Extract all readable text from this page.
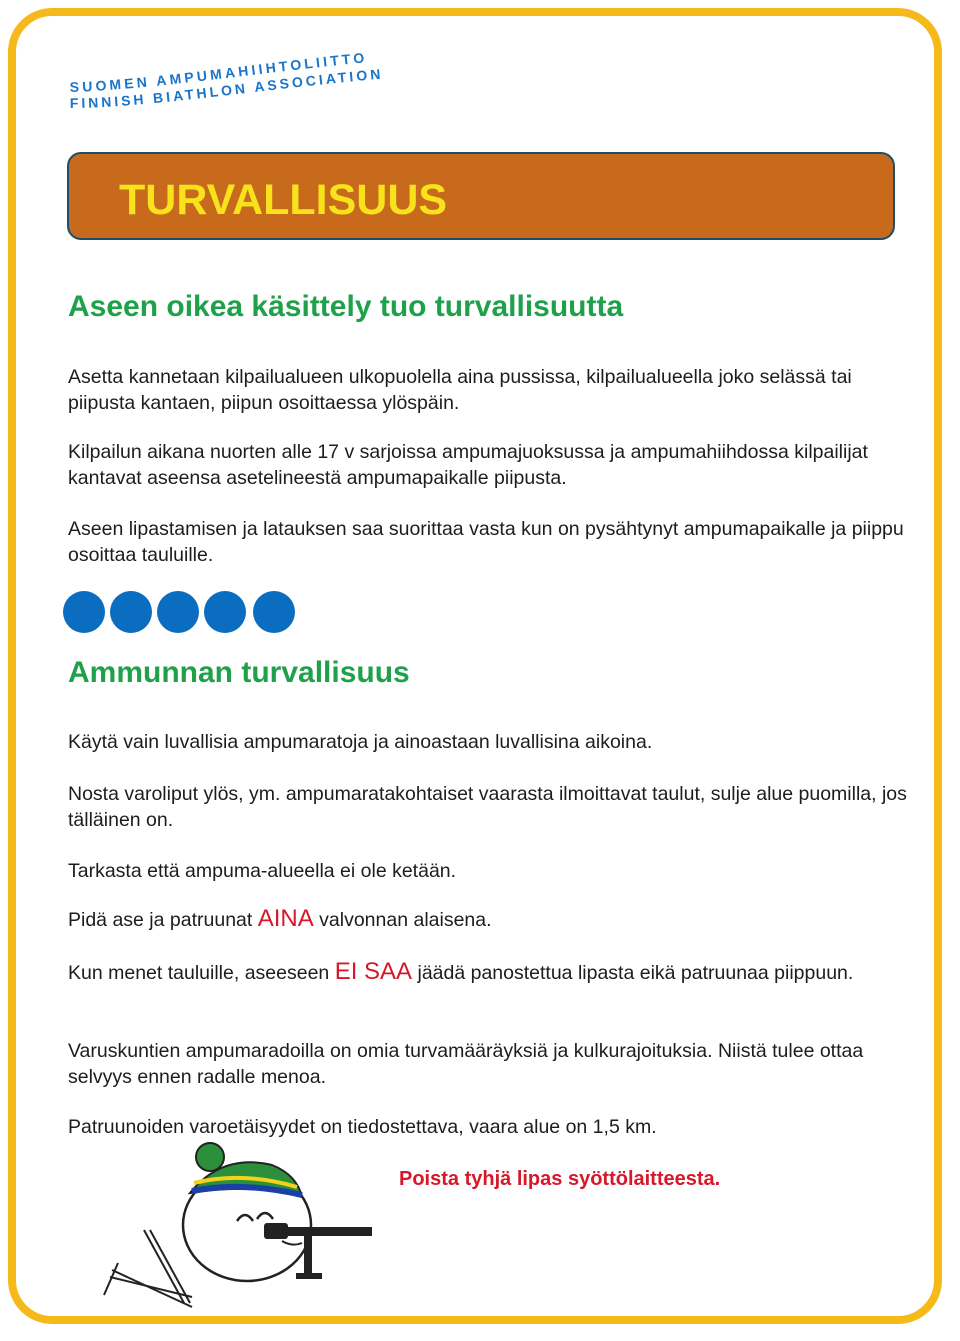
SUOMEN AMPUMAHIIHTOLIITTO
FINNISH BIATHLON ASSOCIATION
TURVALLISUUS
Aseen oikea käsittely tuo turvallisuutta

Asetta kannetaan kilpailualueen ulkopuolella aina pussissa, kilpailualueella joko selässä tai piipusta kantaen, piipun osoittaessa ylöspäin.

Kilpailun aikana nuorten alle 17 v sarjoissa ampumajuoksussa ja ampumahiihdossa kilpailijat kantavat aseensa asetelineestä ampumapaikalle piipusta.

Aseen lipastamisen ja latauksen saa suorittaa vasta kun on pysähtynyt ampumapaikalle ja piippu osoittaa tauluille.

Ammunnan turvallisuus

Käytä vain luvallisia ampumaratoja ja ainoastaan luvallisina aikoina.

Nosta varoliput ylös, ym. ampumaratakohtaiset vaarasta ilmoittavat taulut, sulje alue puomilla, jos tälläinen on.

Tarkasta että ampuma-alueella ei ole ketään.

Pidä ase ja patruunat AINA valvonnan alaisena.

Kun menet tauluille, aseeseen EI SAA jäädä panostettua lipasta eikä patruunaa piippuun.

Varuskuntien ampumaradoilla on omia turvamääräyksiä ja kulkurajoituksia. Niistä tulee ottaa selvyys ennen radalle menoa.

Patruunoiden varoetäisyydet on tiedostettava, vaara alue on 1,5 km.

Poista tyhjä lipas syöttölaitteesta.
